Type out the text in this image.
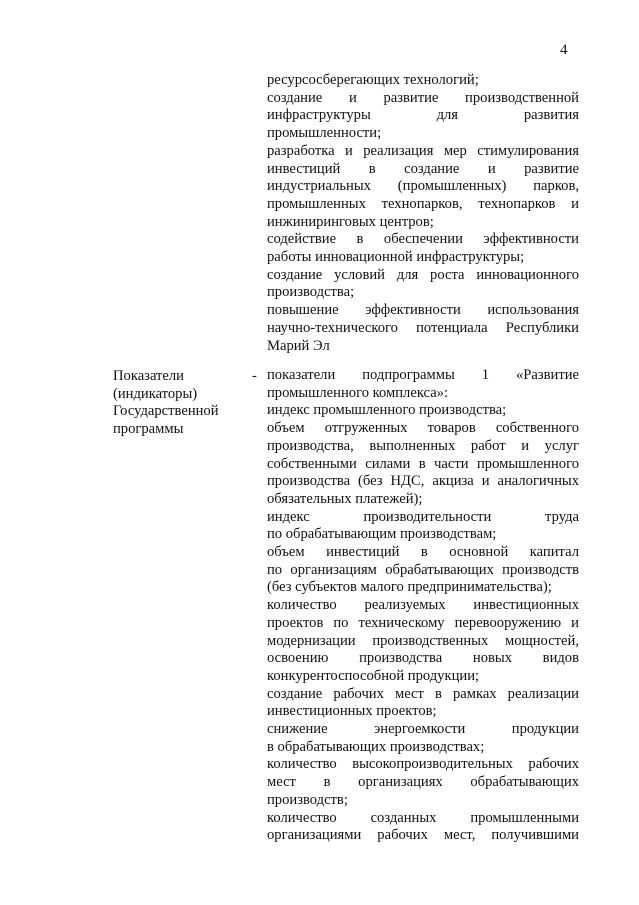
4

ресурсосберегающих технологий;

создание и развитие производственной

инфраструктуры для развития

промышленности;

разработка и реализация мер стимулирования

инвестиций в создание и развитие

индустриальных (промышленных) парков,

промышленных технопарков, технопарков и

инжиниринговых центров;

содействие в обеспечении эффективности

работы инновационной инфраструктуры;

создание условий для роста инновационного

производства;

повышение эффективности использования

научно-технического потенциала Республики

Марий Эл

Показатели
(индикаторы)
Государственной
программы
- показатели подпрограммы 1 «Развитие

промышленного комплекса»:

индекс промышленного производства;

объем отгруженных товаров собственного

производства, выполненных работ и услуг

собственными силами в части промышленного

производства (без НДС, акциза и аналогичных

обязательных платежей);

индекс производительности труда

по обрабатывающим производствам;

объем инвестиций в основной капитал

по организациям обрабатывающих производств

(без субъектов малого предпринимательства);

количество реализуемых инвестиционных

проектов по техническому перевооружению и

модернизации производственных мощностей,

освоению производства новых видов

конкурентоспособной продукции;

создание рабочих мест в рамках реализации

инвестиционных проектов;

снижение энергоемкости продукции

в обрабатывающих производствах;

количество высокопроизводительных рабочих

мест в организациях обрабатывающих

производств;

количество созданных промышленными

организациями рабочих мест, получившими
